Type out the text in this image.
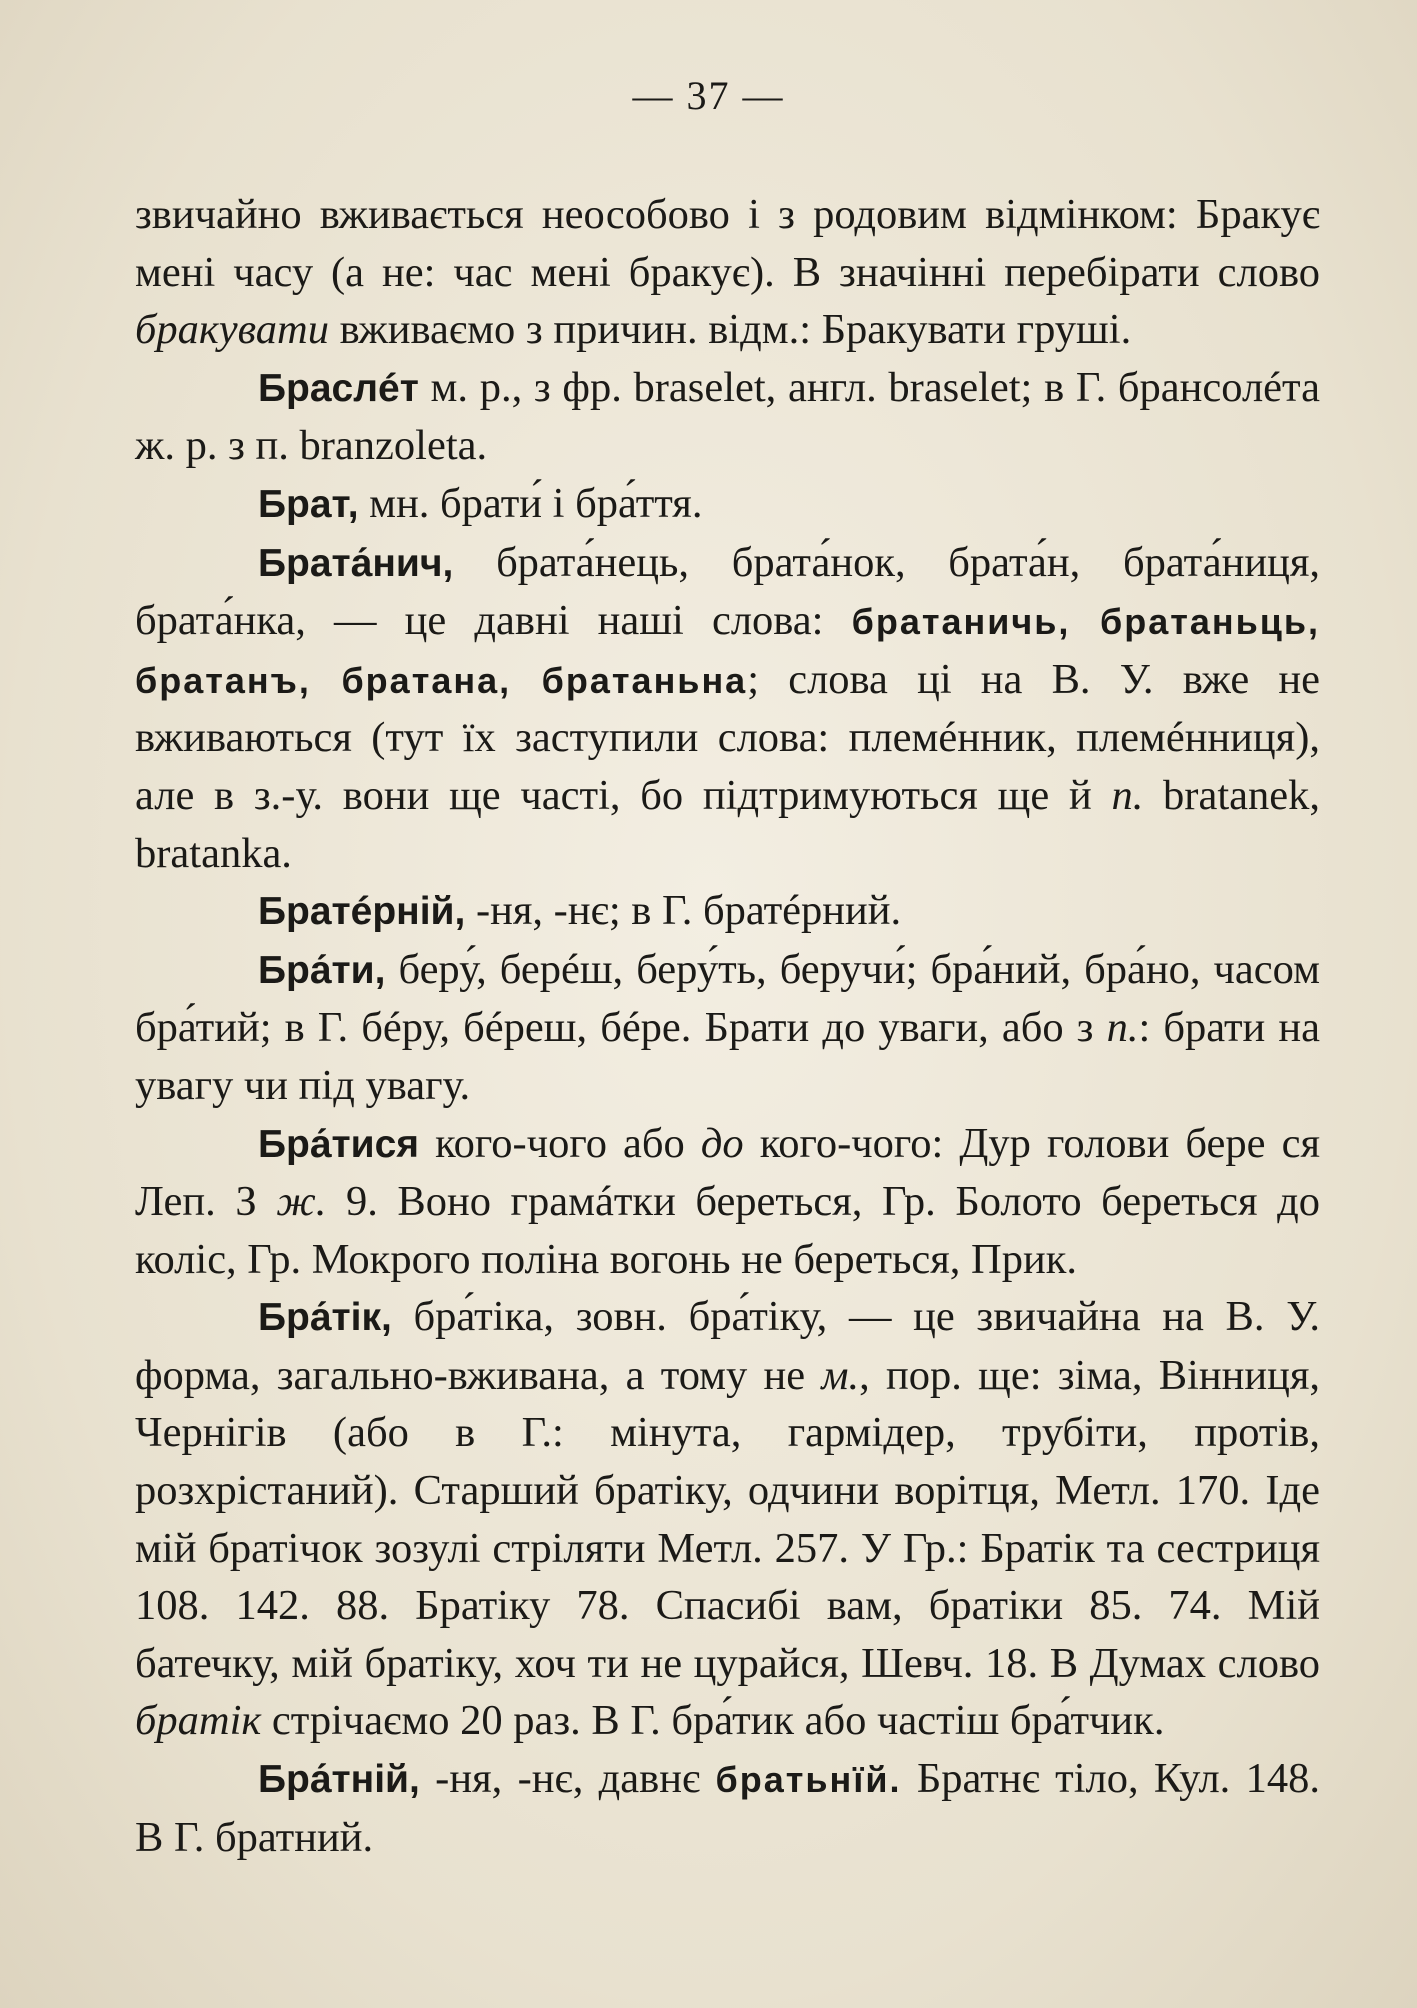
— 37 —

звичайно вживається неособово і з родовим відмінком: Бракує мені часу (а не: час мені бракує). В значінні перебірати слово бракувати вживаємо з причин. відм.: Бракувати груші.

Браслéт м. р., з фр. braselet, англ. braselet; в Г. брансолéта ж. р. з п. branzoleta.

Брат, мн. брати́ і бра́ття.

Брата́нич, брата́нець, брата́нок, брата́н, брата́ниця, брата́нка, — це давні наші слова: братаничь, братаньць, братанъ, братана, братаньна; слова ці на В. У. вже не вживаються (тут їх заступили слова: племéнник, племéнниця), але в з.-у. вони ще часті, бо підтримуються ще й п. bratanek, bratanka.

Братéрній, -ня, -нє; в Г. братéрний.

Бра́ти, беру́, берéш, беру́ть, беручи́; бра́ний, бра́но, часом бра́тий; в Г. бéру, бéреш, бéре. Брати до уваги, або з п.: брати на увагу чи під увагу.

Бра́тися кого-чого або до кого-чого: Дур голови бере ся Леп. З ж. 9. Воно грамáтки береться, Гр. Болото береться до коліс, Гр. Мокрого поліна вогонь не береться, Прик.

Бра́тік, бра́тіка, зовн. бра́тіку, — це звичайна на В. У. форма, загально-вживана, а тому не м., пор. ще: зіма, Вінниця, Чернігів (або в Г.: мінута, гармідер, трубіти, протів, розхрістаний). Старший братіку, одчини ворітця, Метл. 170. Іде мій братічок зозулі стріляти Метл. 257. У Гр.: Братік та сестриця 108. 142. 88. Братіку 78. Спасибі вам, братіки 85. 74. Мій батечку, мій братіку, хоч ти не цурайся, Шевч. 18. В Думах слово братік стрічаємо 20 раз. В Г. бра́тик або частіш бра́тчик.

Бра́тній, -ня, -нє, давнє братьнїй. Братнє тіло, Кул. 148. В Г. братний.
